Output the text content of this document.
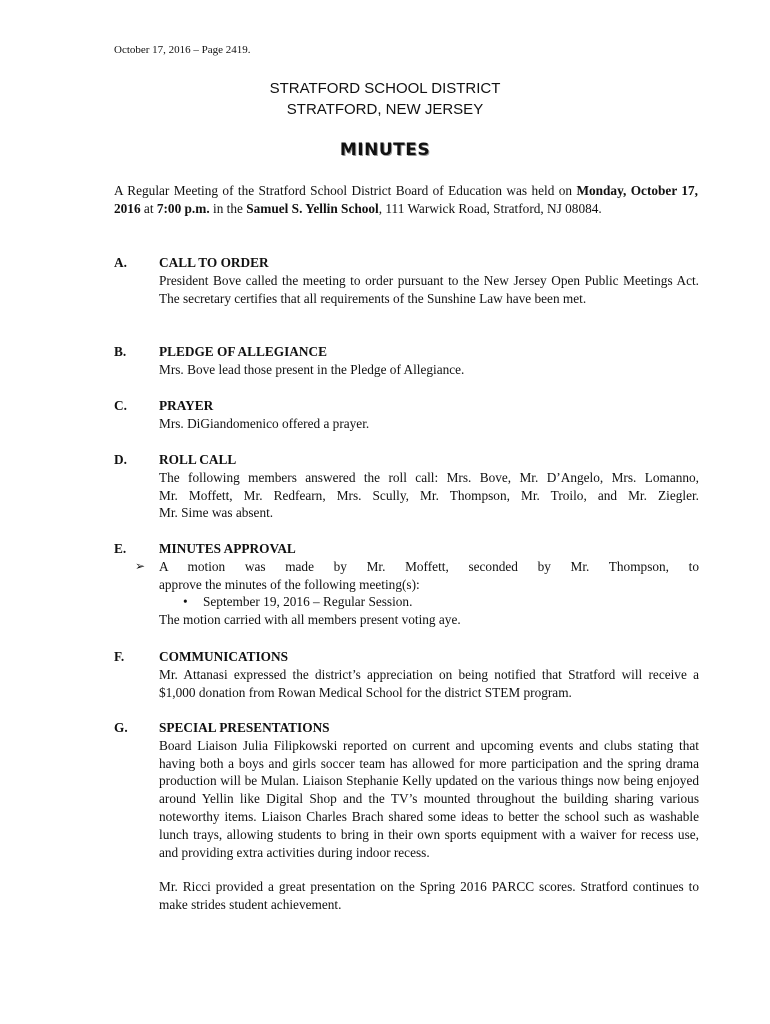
October 17, 2016 – Page 2419.
STRATFORD SCHOOL DISTRICT
STRATFORD, NEW JERSEY
MINUTES
A Regular Meeting of the Stratford School District Board of Education was held on Monday, October 17, 2016 at 7:00 p.m. in the Samuel S. Yellin School, 111 Warwick Road, Stratford, NJ 08084.
A. CALL TO ORDER
President Bove called the meeting to order pursuant to the New Jersey Open Public Meetings Act. The secretary certifies that all requirements of the Sunshine Law have been met.
B. PLEDGE OF ALLEGIANCE
Mrs. Bove lead those present in the Pledge of Allegiance.
C. PRAYER
Mrs. DiGiandomenico offered a prayer.
D. ROLL CALL
The following members answered the roll call: Mrs. Bove, Mr. D’Angelo, Mrs. Lomanno,
Mr. Moffett, Mr. Redfearn, Mrs. Scully, Mr. Thompson, Mr. Troilo, and Mr. Ziegler.
Mr. Sime was absent.
E. MINUTES APPROVAL
➢ A motion was made by Mr. Moffett, seconded by Mr. Thompson, to
approve the minutes of the following meeting(s):
• September 19, 2016 – Regular Session.
The motion carried with all members present voting aye.
F.	COMMUNICATIONS
Mr. Attanasi expressed the district’s appreciation on being notified that Stratford will receive a $1,000 donation from Rowan Medical School for the district STEM program.
G. SPECIAL PRESENTATIONS
Board Liaison Julia Filipkowski reported on current and upcoming events and clubs stating that having both a boys and girls soccer team has allowed for more participation and the spring drama production will be Mulan. Liaison Stephanie Kelly updated on the various things now being enjoyed around Yellin like Digital Shop and the TV’s mounted throughout the building sharing various noteworthy items. Liaison Charles Brach shared some ideas to better the school such as washable lunch trays, allowing students to bring in their own sports equipment with a waiver for recess use, and providing extra activities during indoor recess.
Mr. Ricci provided a great presentation on the Spring 2016 PARCC scores. Stratford continues to make strides student achievement.
